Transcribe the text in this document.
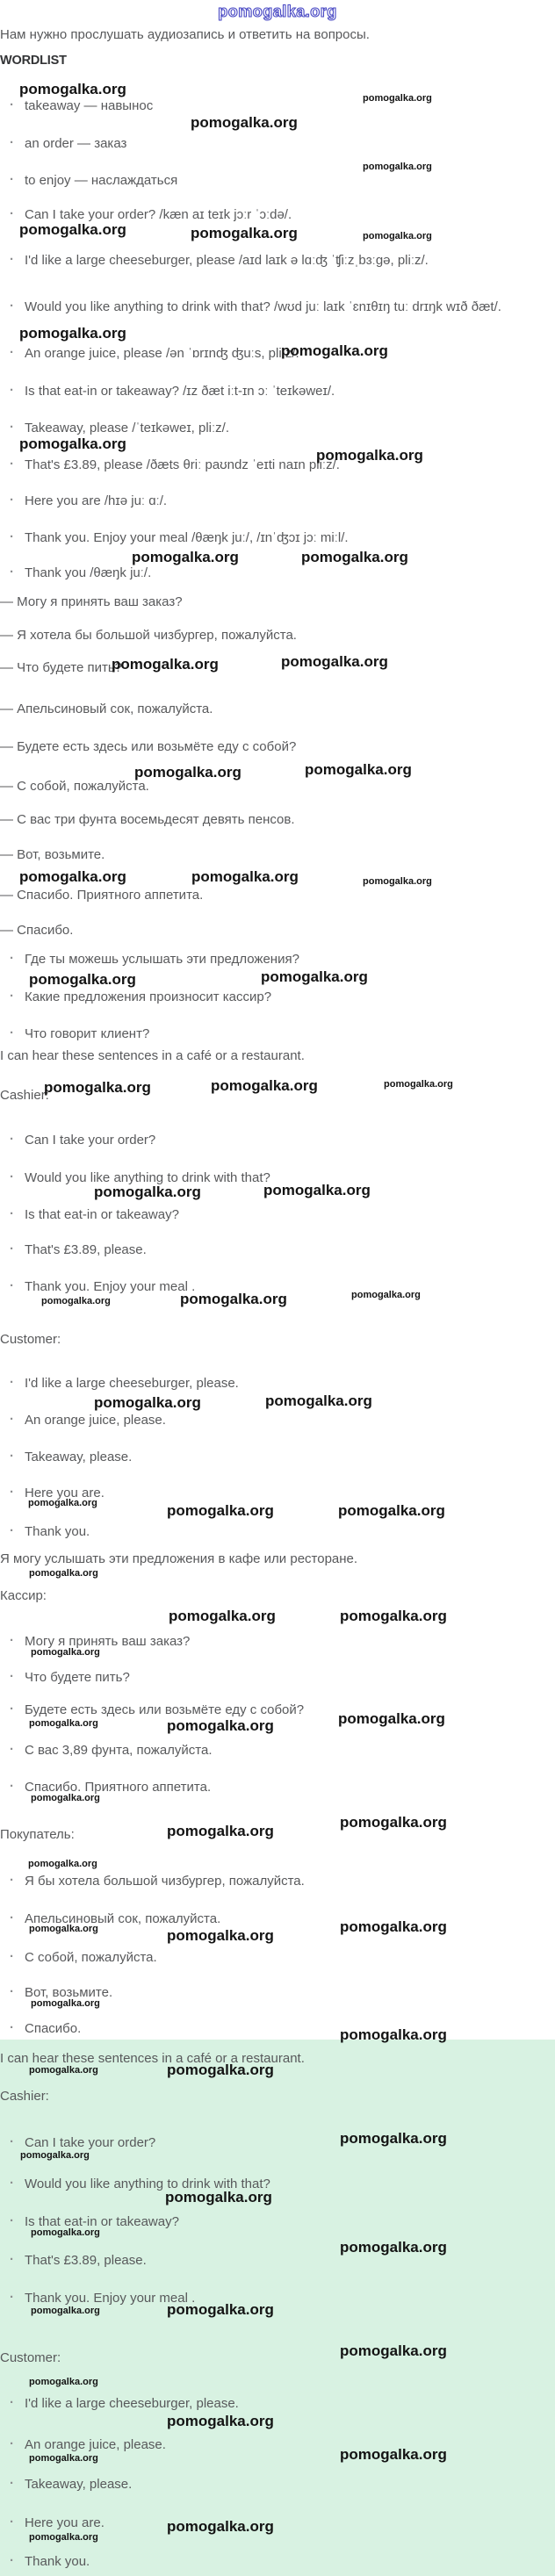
pomogalka.org
Нам нужно прослушать аудиозапись и ответить на вопросы.
WORDLIST
· takeaway — навынос
· an order — заказ
· to enjoy — наслаждаться
· Can I take your order? /kæn aɪ teɪk jɔːr ˈɔːdə/.
· I'd like a large cheeseburger, please /aɪd laɪk ə lɑːʤ ˈʧiːzˌbɜːɡə, pliːz/.
· Would you like anything to drink with that? /wʊd juː laɪk ˈɛnɪθɪŋ tuː drɪŋk wɪð ðæt/.
· An orange juice, please /ən ˈɒrɪnʤ ʤuːs, pliːz/.
· Is that eat-in or takeaway? /ɪz ðæt iːt-ɪn ɔː ˈteɪkəweɪ/.
· Takeaway, please /ˈteɪkəweɪ, pliːz/.
· That's £3.89, please /ðæts θriː paʊndz ˈeɪti naɪn pliːz/.
· Here you are /hɪə juː ɑː/.
· Thank you. Enjoy your meal /θæŋk juː/, /ɪnˈʤɔɪ jɔː miːl/.
· Thank you /θæŋk juː/.
— Могу я принять ваш заказ?
— Я хотела бы большой чизбургер, пожалуйста.
— Что будете пить?
— Апельсиновый сок, пожалуйста.
— Будете есть здесь или возьмёте еду с собой?
— С собой, пожалуйста.
— С вас три фунта восемьдесят девять пенсов.
— Вот, возьмите.
— Спасибо. Приятного аппетита.
— Спасибо.
· Где ты можешь услышать эти предложения?
· Какие предложения произносит кассир?
· Что говорит клиент?
I can hear these sentences in a café or a restaurant.
Cashier:
· Can I take your order?
· Would you like anything to drink with that?
· Is that eat-in or takeaway?
· That's £3.89, please.
· Thank you. Enjoy your meal .
Customer:
· I'd like a large cheeseburger, please.
· An orange juice, please.
· Takeaway, please.
· Here you are.
· Thank you.
Я могу услышать эти предложения в кафе или ресторане.
Кассир:
· Могу я принять ваш заказ?
· Что будете пить?
· Будете есть здесь или возьмёте еду с собой?
· С вас 3,89 фунта, пожалуйста.
· Спасибо. Приятного аппетита.
Покупатель:
· Я бы хотела большой чизбургер, пожалуйста.
· Апельсиновый сок, пожалуйста.
· С собой, пожалуйста.
· Вот, возьмите.
· Спасибо.
I can hear these sentences in a café or a restaurant.
Cashier:
· Can I take your order?
· Would you like anything to drink with that?
· Is that eat-in or takeaway?
· That's £3.89, please.
· Thank you. Enjoy your meal .
Customer:
· I'd like a large cheeseburger, please.
· An orange juice, please.
· Takeaway, please.
· Here you are.
· Thank you.
pomogalka.org
pomogalka.org
pomogalka.org
pomogalka.org
pomogalka.org	pomogalka.org	pomogalka.org
pomogalka.org
pomogalka.org
pomogalka.org
pomogalka.org
pomogalka.org	pomogalka.org
pomogalka.org	pomogalka.org
pomogalka.org	pomogalka.org
pomogalka.org	pomogalka.org	pomogalka.org
pomogalka.org	pomogalka.org
pomogalka.org	pomogalka.org	pomogalka.org
pomogalka.org	pomogalka.org
pomogalka.org	pomogalka.org	pomogalka.org
pomogalka.org	pomogalka.org
pomogalka.org	pomogalka.org	pomogalka.org
pomogalka.org
pomogalka.org	pomogalka.org
pomogalka.org
pomogalka.org	pomogalka.org	pomogalka.org
pomogalka.org
pomogalka.org
pomogalka.org
pomogalka.org
pomogalka.org	pomogalka.org
pomogalka.org
pomogalka.org
pomogalka.org
pomogalka.org	pomogalka.org
pomogalka.org
pomogalka.org
pomogalka.org
pomogalka.org
pomogalka.org
pomogalka.org	pomogalka.org
pomogalka.org
pomogalka.org
pomogalka.org
pomogalka.org	pomogalka.org
pomogalka.org
pomogalka.org
